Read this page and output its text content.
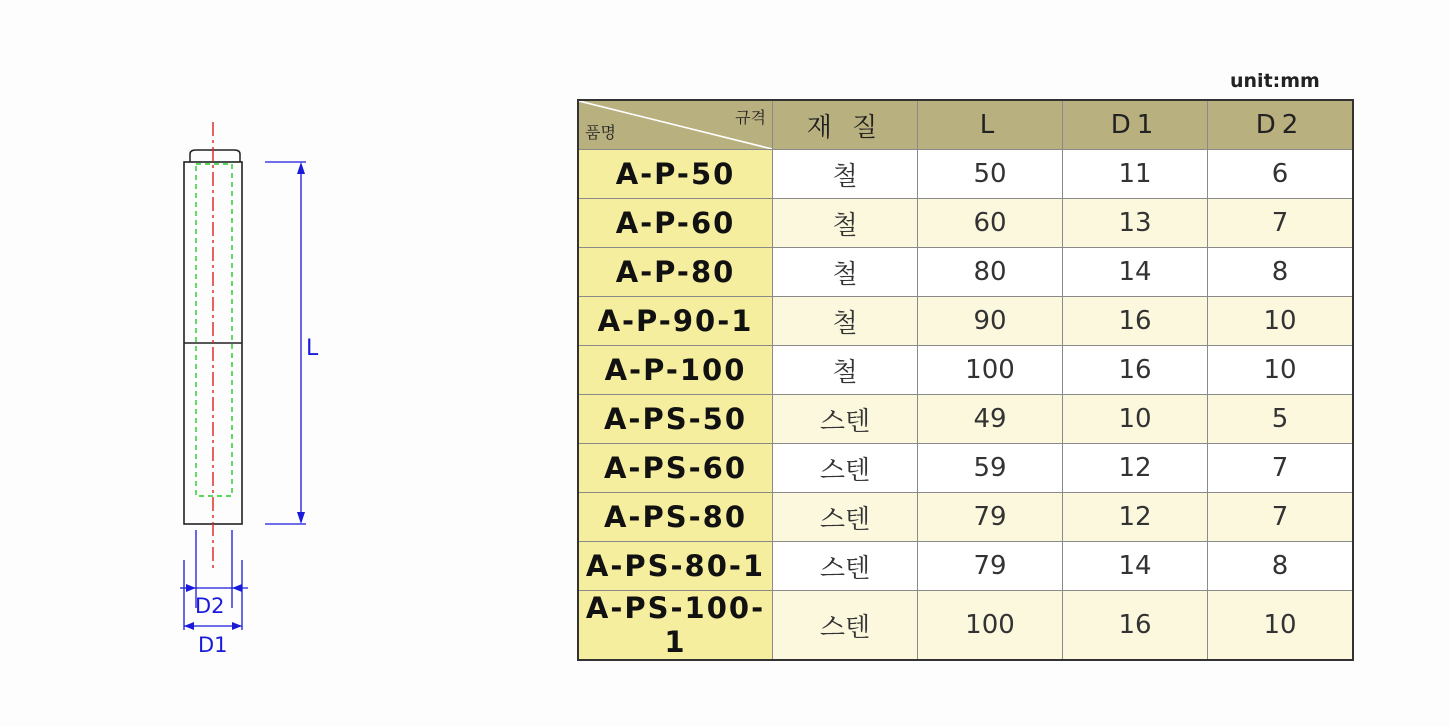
L
D2
D1
unit:mm
규격
품명	재 질	L	D1	D2
A-P-50	철	50	11	6
A-P-60	철	60	13	7
A-P-80	철	80	14	8
A-P-90-1	철	90	16	10
A-P-100	철	100	16	10
A-PS-50	스텐	49	10	5
A-PS-60	스텐	59	12	7
A-PS-80	스텐	79	12	7
A-PS-80-1	스텐	79	14	8
A-PS-100-1	스텐	100	16	10
